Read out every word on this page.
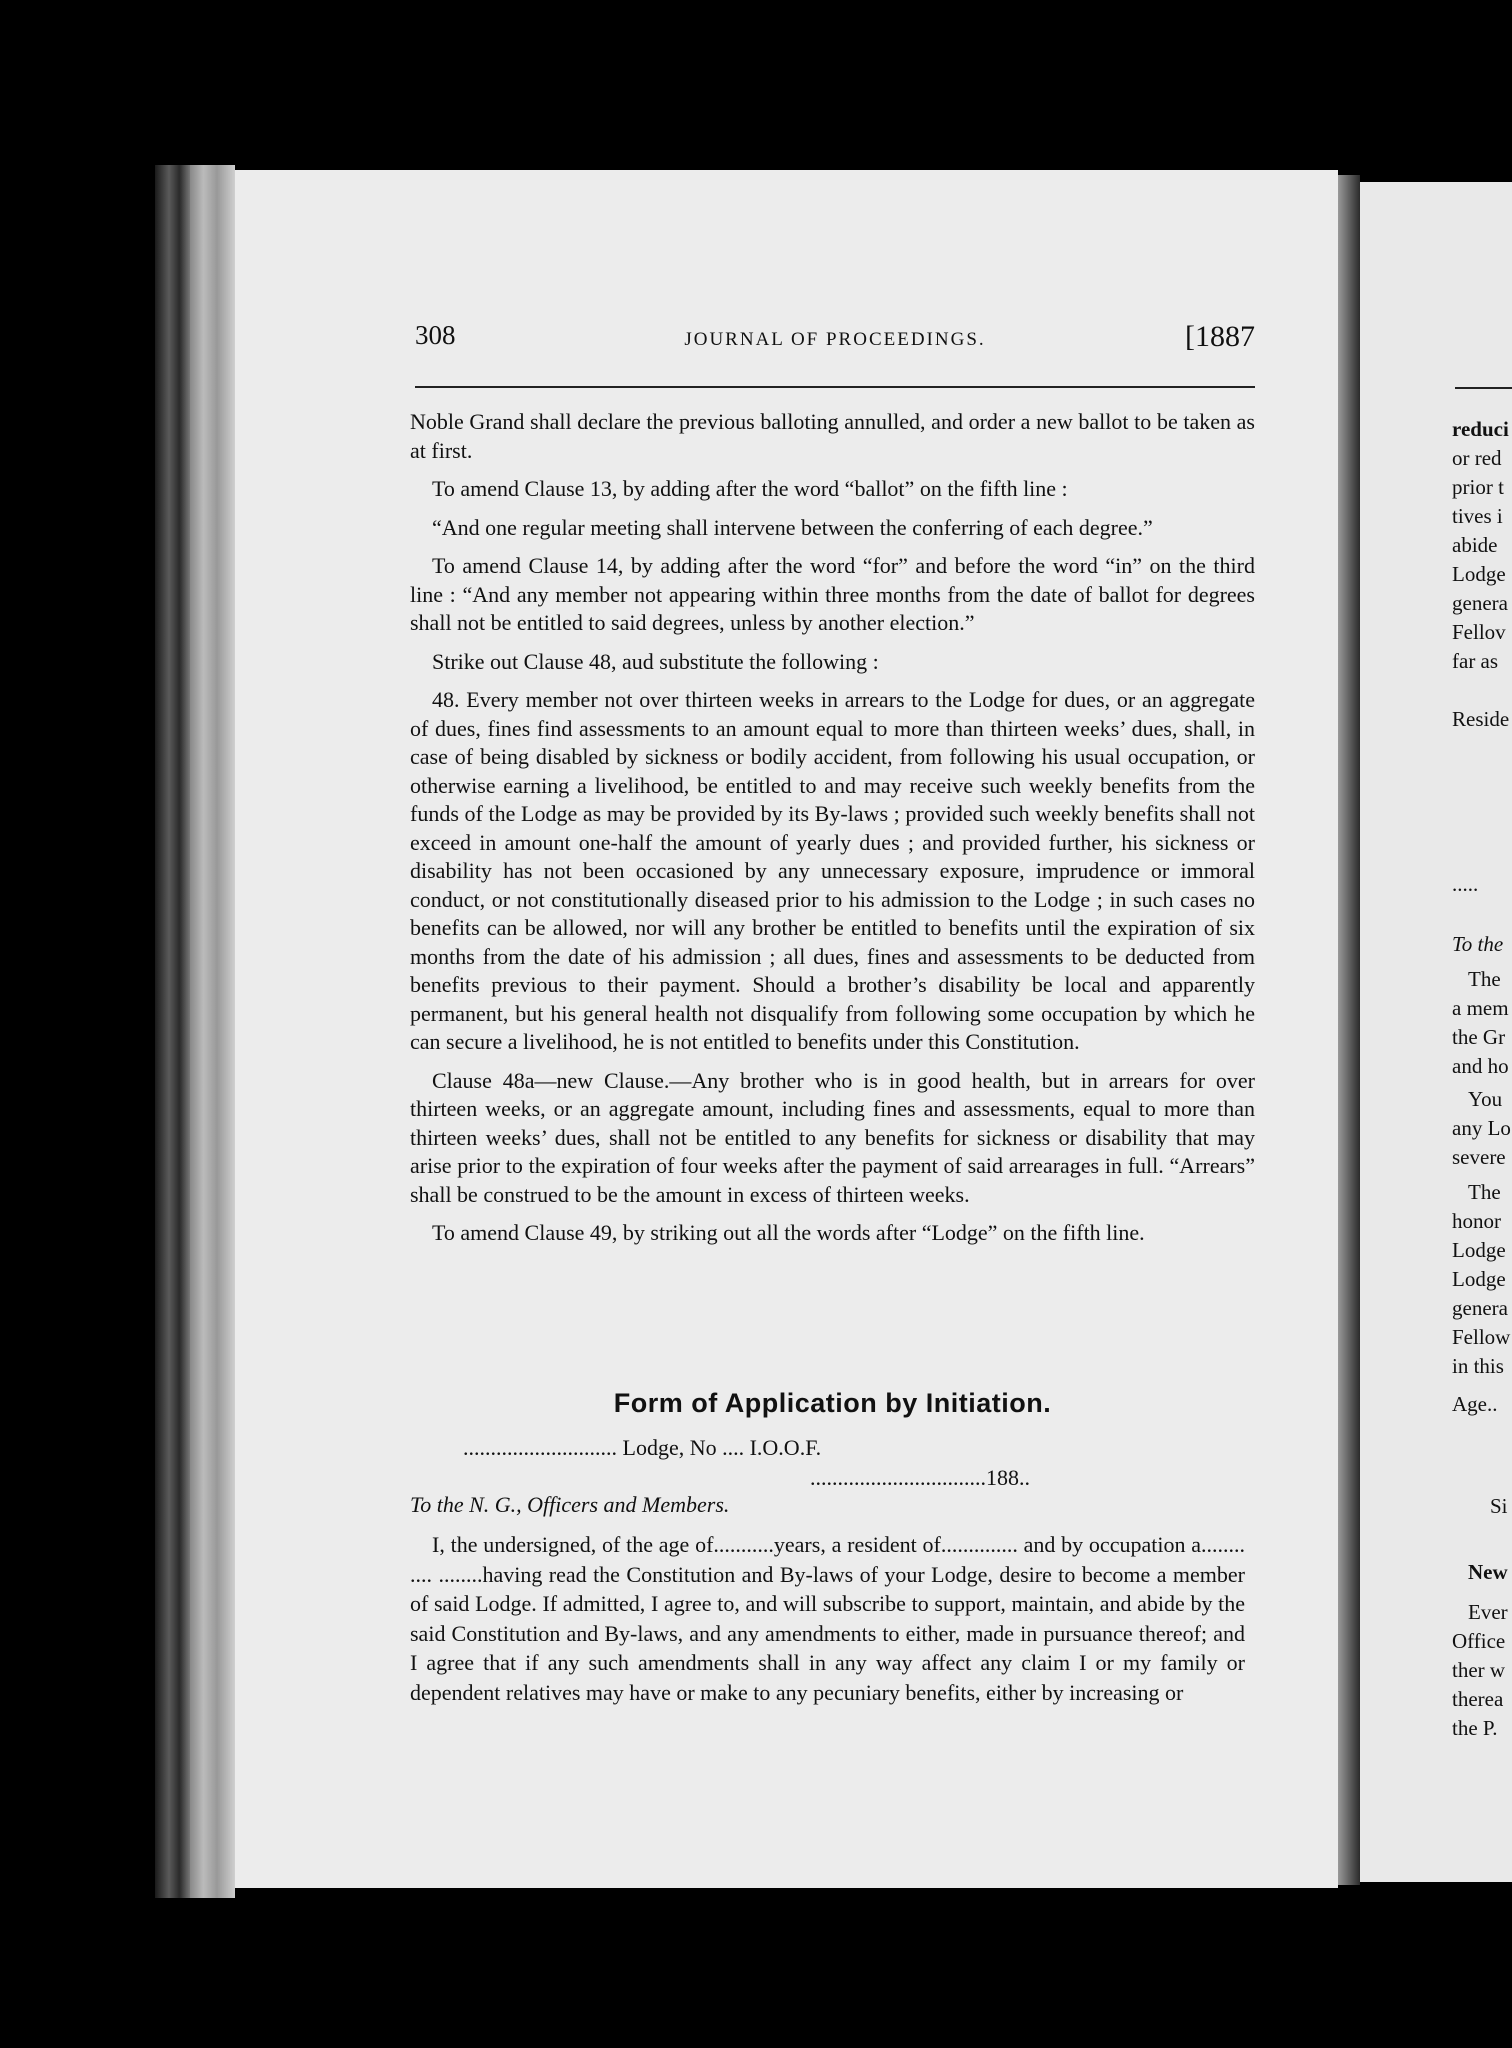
308	JOURNAL OF PROCEEDINGS.	[1887

Noble Grand shall declare the previous balloting annulled, and order a new ballot to be taken as at first.

To amend Clause 13, by adding after the word “ballot” on the fifth line :

“And one regular meeting shall intervene between the conferring of each degree.”

To amend Clause 14, by adding after the word “for” and before the word “in” on the third line : “And any member not appearing within three months from the date of ballot for degrees shall not be entitled to said degrees, unless by another election.”

Strike out Clause 48, aud substitute the following :

48. Every member not over thirteen weeks in arrears to the Lodge for dues, or an aggregate of dues, fines find assessments to an amount equal to more than thirteen weeks’ dues, shall, in case of being disabled by sickness or bodily accident, from following his usual occupation, or otherwise earning a livelihood, be entitled to and may receive such weekly benefits from the funds of the Lodge as may be provided by its By-laws ; provided such weekly benefits shall not exceed in amount one-half the amount of yearly dues ; and provided further, his sickness or disability has not been occasioned by any unnecessary exposure, imprudence or immoral conduct, or not constitutionally diseased prior to his admission to the Lodge ; in such cases no benefits can be allowed, nor will any brother be entitled to benefits until the expiration of six months from the date of his admission ; all dues, fines and assessments to be deducted from benefits previous to their payment. Should a brother’s disability be local and apparently permanent, but his general health not disqualify from following some occupation by which he can secure a livelihood, he is not entitled to benefits under this Constitution.

Clause 48a—new Clause.—Any brother who is in good health, but in arrears for over thirteen weeks, or an aggregate amount, including fines and assessments, equal to more than thirteen weeks’ dues, shall not be entitled to any benefits for sickness or disability that may arise prior to the expiration of four weeks after the payment of said arrearages in full. “Arrears” shall be construed to be the amount in excess of thirteen weeks.

To amend Clause 49, by striking out all the words after “Lodge” on the fifth line.

Form of Application by Initiation.
............................ Lodge, No .... I.O.O.F.
................................188..
To the N. G., Officers and Members.

I, the undersigned, of the age of...........years, a resident of.............. and by occupation a........ .... ........having read the Constitution and By-laws of your Lodge, desire to become a member of said Lodge. If admitted, I agree to, and will subscribe to support, maintain, and abide by the said Constitution and By-laws, and any amendments to either, made in pursuance thereof; and I agree that if any such amendments shall in any way affect any claim I or my family or dependent relatives may have or make to any pecuniary benefits, either by increasing or

reduci
or red
prior t
tives i
abide
Lodge
genera
Fellov
far as
Reside
.....
To the
The
a mem
the Gr
and ho
You
any Lo
severe
The
honor
Lodge
Lodge
genera
Fellow
in this
Age..
Si
New
Ever
Office
ther w
therea
the P.
